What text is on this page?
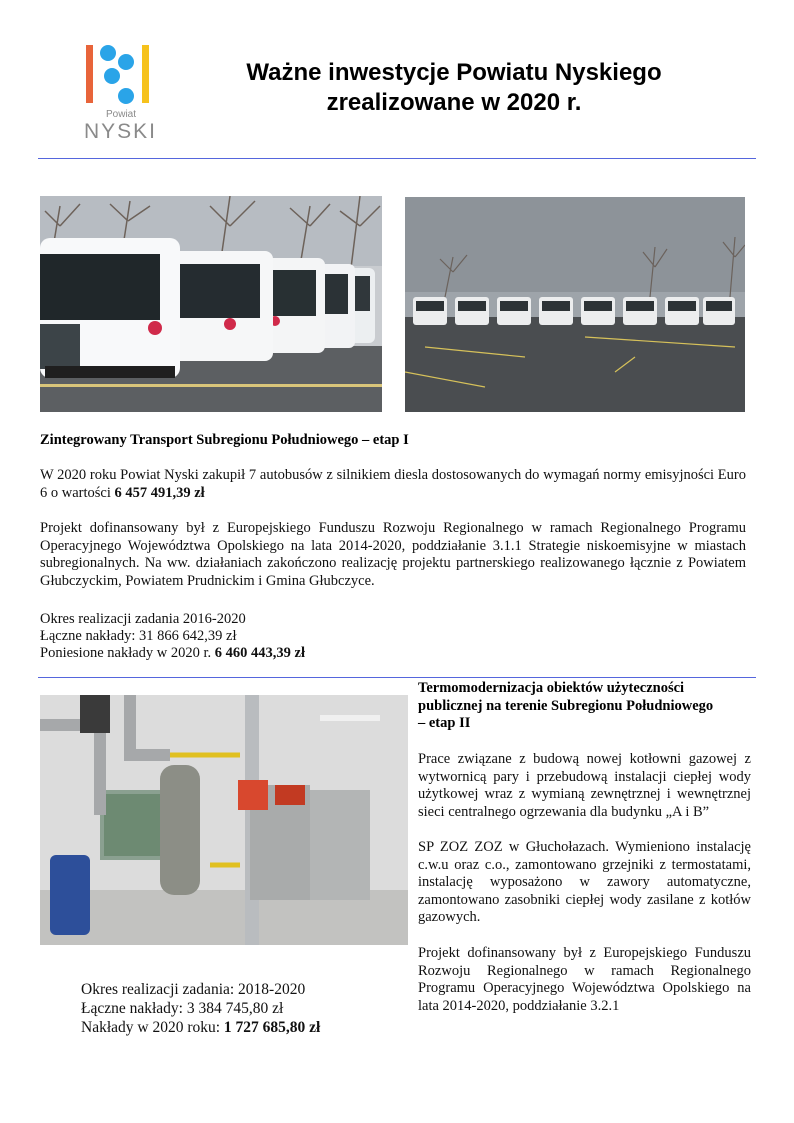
Powiat
NYSKI
Ważne inwestycje Powiatu Nyskiego
zrealizowane w 2020 r.
Zintegrowany Transport Subregionu Południowego – etap I
W 2020 roku Powiat Nyski zakupił 7 autobusów z silnikiem diesla dostosowanych do wymagań normy emisyjności Euro 6 o wartości 6 457 491,39 zł
Projekt dofinansowany był z Europejskiego Funduszu Rozwoju Regionalnego w ramach Regionalnego Programu Operacyjnego Województwa Opolskiego na lata 2014-2020, poddziałanie 3.1.1 Strategie niskoemisyjne w miastach subregionalnych. Na ww. działaniach zakończono realizację projektu partnerskiego realizowanego łącznie z Powiatem Głubczyckim, Powiatem Prudnickim i Gmina Głubczyce.
Okres realizacji zadania 2016-2020
Łączne nakłady: 31 866 642,39 zł
Poniesione nakłady w 2020 r. 6 460 443,39 zł
Termomodernizacja obiektów użyteczności
publicznej na terenie Subregionu Południowego
– etap II
Prace związane z budową nowej kotłowni gazowej z wytwornicą pary i przebudową instalacji ciepłej wody użytkowej wraz z wymianą zewnętrznej i wewnętrznej sieci centralnego ogrzewania dla budynku „A i B”
SP ZOZ ZOZ w Głuchołazach. Wymieniono instalację c.w.u oraz c.o., zamontowano grzejniki z termostatami, instalację wyposażono w zawory automatyczne, zamontowano zasobniki ciepłej wody zasilane z kotłów gazowych.
Projekt dofinansowany był z Europejskiego Funduszu Rozwoju Regionalnego w ramach Regionalnego Programu Operacyjnego Województwa Opolskiego na lata 2014-2020, poddziałanie 3.2.1
Okres realizacji zadania: 2018-2020
Łączne nakłady: 3 384 745,80 zł
Nakłady w 2020 roku: 1 727 685,80 zł
